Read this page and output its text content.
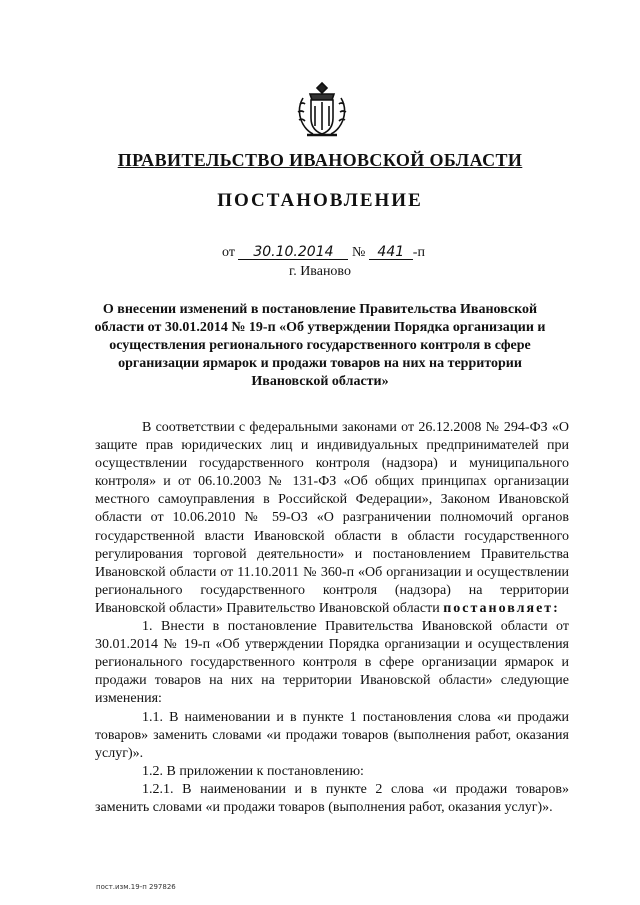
ПРАВИТЕЛЬСТВО ИВАНОВСКОЙ ОБЛАСТИ
ПОСТАНОВЛЕНИЕ
от 30.10.2014 № 441 -п
г. Иваново
О внесении изменений в постановление Правительства Ивановской области от 30.01.2014 № 19-п «Об утверждении Порядка организации и осуществления регионального государственного контроля в сфере организации ярмарок и продажи товаров на них на территории Ивановской области»

В соответствии с федеральными законами от 26.12.2008 № 294-ФЗ «О защите прав юридических лиц и индивидуальных предпринимателей при осуществлении государственного контроля (надзора) и муниципального контроля» и от 06.10.2003 № 131-ФЗ «Об общих принципах организации местного самоуправления в Российской Федерации», Законом Ивановской области от 10.06.2010 № 59-ОЗ «О разграничении полномочий органов государственной власти Ивановской области в области государственного регулирования торговой деятельности» и постановлением Правительства Ивановской области от 11.10.2011 № 360-п «Об организации и осуществлении регионального государственного контроля (надзора) на территории Ивановской области» Правительство Ивановской области постановляет:

1. Внести в постановление Правительства Ивановской области от 30.01.2014 № 19-п «Об утверждении Порядка организации и осуществления регионального государственного контроля в сфере организации ярмарок и продажи товаров на них на территории Ивановской области» следующие изменения:

1.1. В наименовании и в пункте 1 постановления слова «и продажи товаров» заменить словами «и продажи товаров (выполнения работ, оказания услуг)».

1.2. В приложении к постановлению:

1.2.1. В наименовании и в пункте 2 слова «и продажи товаров» заменить словами «и продажи товаров (выполнения работ, оказания услуг)».

пост.изм.19-п 297826
